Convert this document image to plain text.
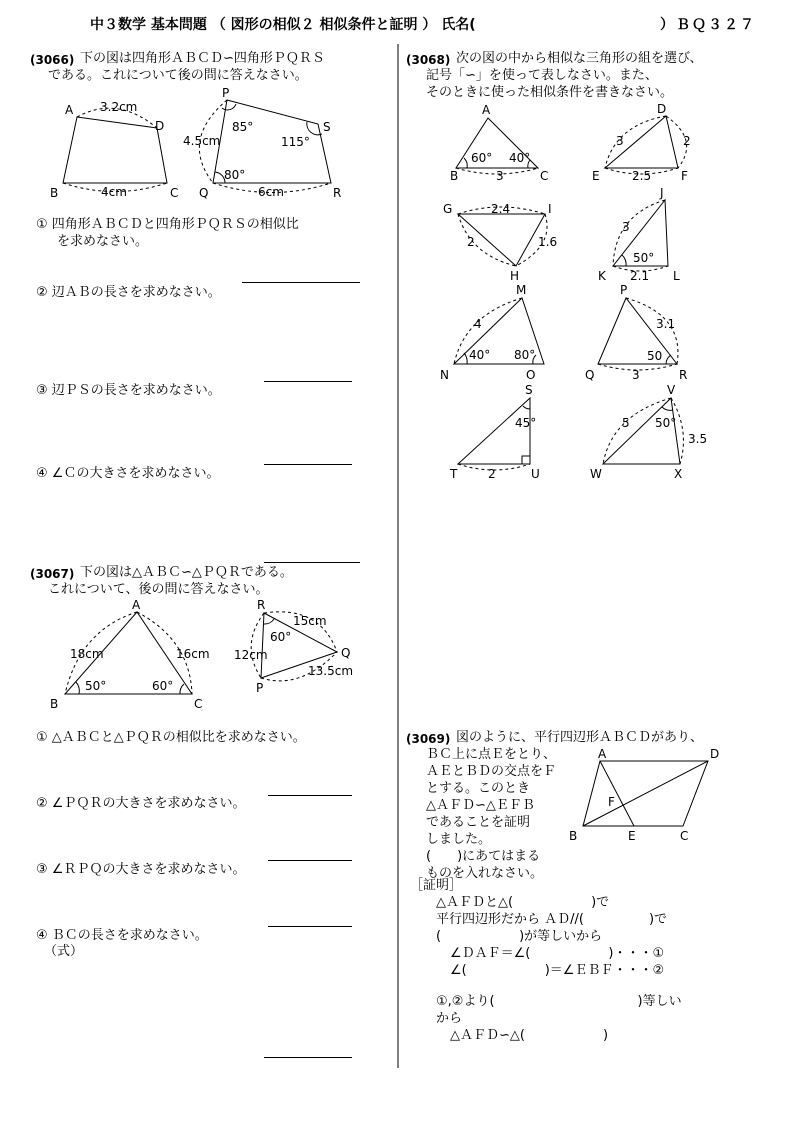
中３数学 基本問題 （ 図形の相似２ 相似条件と証明 ） 氏名(	）ＢＱ３２７
(3066) 下の図は四角形ＡＢＣＤ∽四角形ＰＱＲＳ
である。これについて後の問に答えなさい。
A
D
B	C
3.2cm
4cm
P
S
Q	R
4.5cm
6cm
85°
115°
80°
① 四角形ＡＢＣＤと四角形ＰＱＲＳの相似比
を求めなさい。
② 辺ＡＢの長さを求めなさい。
③ 辺ＰＳの長さを求めなさい。
④ ∠Ｃの大きさを求めなさい。
(3067) 下の図は△ＡＢＣ∽△ＰＱＲである。
これについて、後の問に答えなさい。
A
B	C
18cm	16cm
50°	60°
R
Q
P
15cm
12cm
13.5cm
60°
① △ＡＢＣと△ＰＱＲの相似比を求めなさい。
② ∠ＰＱＲの大きさを求めなさい。
③ ∠ＲＰＱの大きさを求めなさい。
④ ＢＣの長さを求めなさい。
（式）
(3068) 次の図の中から相似な三角形の組を選び、
記号「∽」を使って表しなさい。また、
そのときに使った相似条件を書きなさい。
A
B	C
60° 40°
3
D
E	F
3	2
2.5
G	I
H
2.4
2	1.6
J
K	L
3
50°
2.1
M
N	O
4
40° 80°
P
Q	R
3.1
50
3
S
T	U
45°
2
V
W	X
5 50°
3.5
(3069) 図のように、平行四辺形ＡＢＣＤがあり、
ＢＣ上に点Ｅをとり、
ＡＥとＢＤの交点をＦ
とする。このとき
△ＡＦＤ∽△ＥＦＢ
であることを証明
しました。
(　　)にあてはまる
ものを入れなさい。
A	D
B	E	C
F
［証明］
△ＡＦＤと△(　　　　　　)で
平行四辺形だから ＡＤ//(　　　　　)で
(　　　　　　)が等しいから
∠ＤＡＦ＝∠(　　　　　　)・・・①
∠(　　　　　　)＝∠ＥＢＦ・・・②
①,②より(　　　　　　　　　　　)等しい
から
△ＡＦＤ∽△(　　　　　　)
